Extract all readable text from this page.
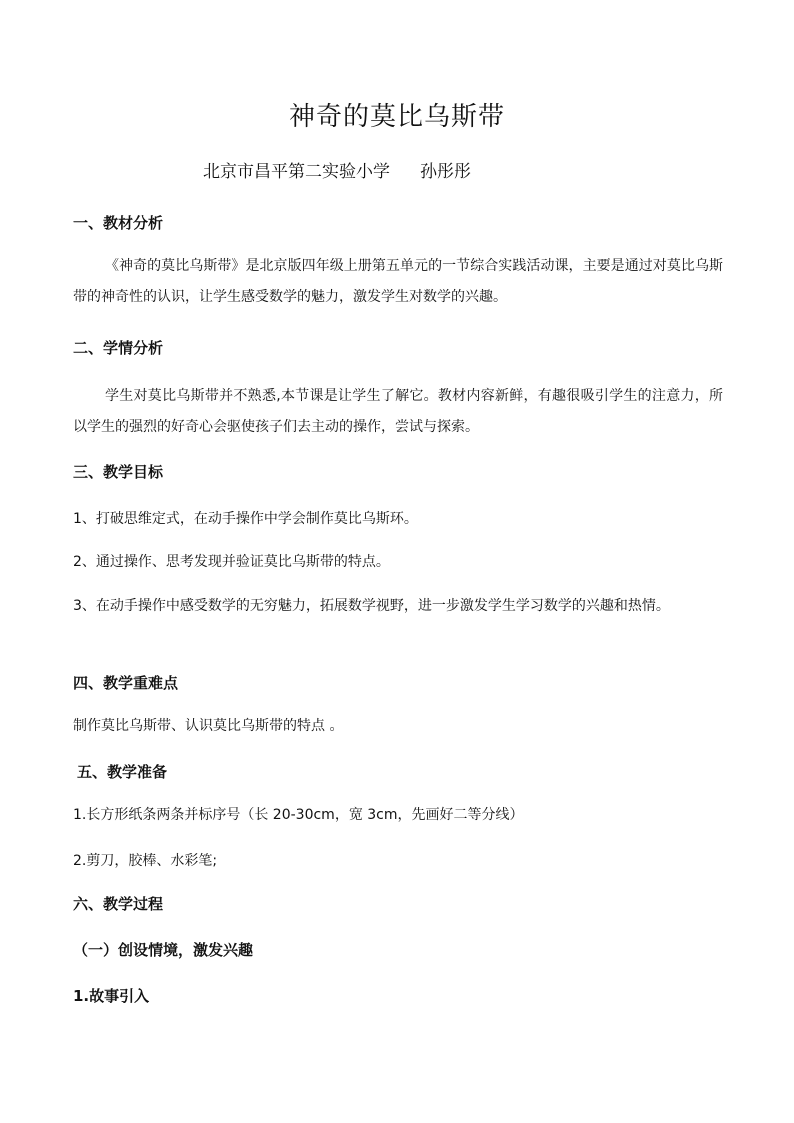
神奇的莫比乌斯带
北京市昌平第二实验小学 孙彤彤
一、教材分析
《神奇的莫比乌斯带》是北京版四年级上册第五单元的一节综合实践活动课，主要是通过对莫比乌斯带的神奇性的认识，让学生感受数学的魅力，激发学生对数学的兴趣。
二、学情分析
学生对莫比乌斯带并不熟悉,本节课是让学生了解它。教材内容新鲜，有趣很吸引学生的注意力，所以学生的强烈的好奇心会驱使孩子们去主动的操作，尝试与探索。
三、教学目标
1、打破思维定式，在动手操作中学会制作莫比乌斯环。
2、通过操作、思考发现并验证莫比乌斯带的特点。
3、在动手操作中感受数学的无穷魅力，拓展数学视野，进一步激发学生学习数学的兴趣和热情。
四、教学重难点
制作莫比乌斯带、认识莫比乌斯带的特点 。
五、教学准备
1.长方形纸条两条并标序号（长 20-30cm，宽 3cm，先画好二等分线）
2.剪刀，胶棒、水彩笔;
六、教学过程
（一）创设情境，激发兴趣
1.故事引入
